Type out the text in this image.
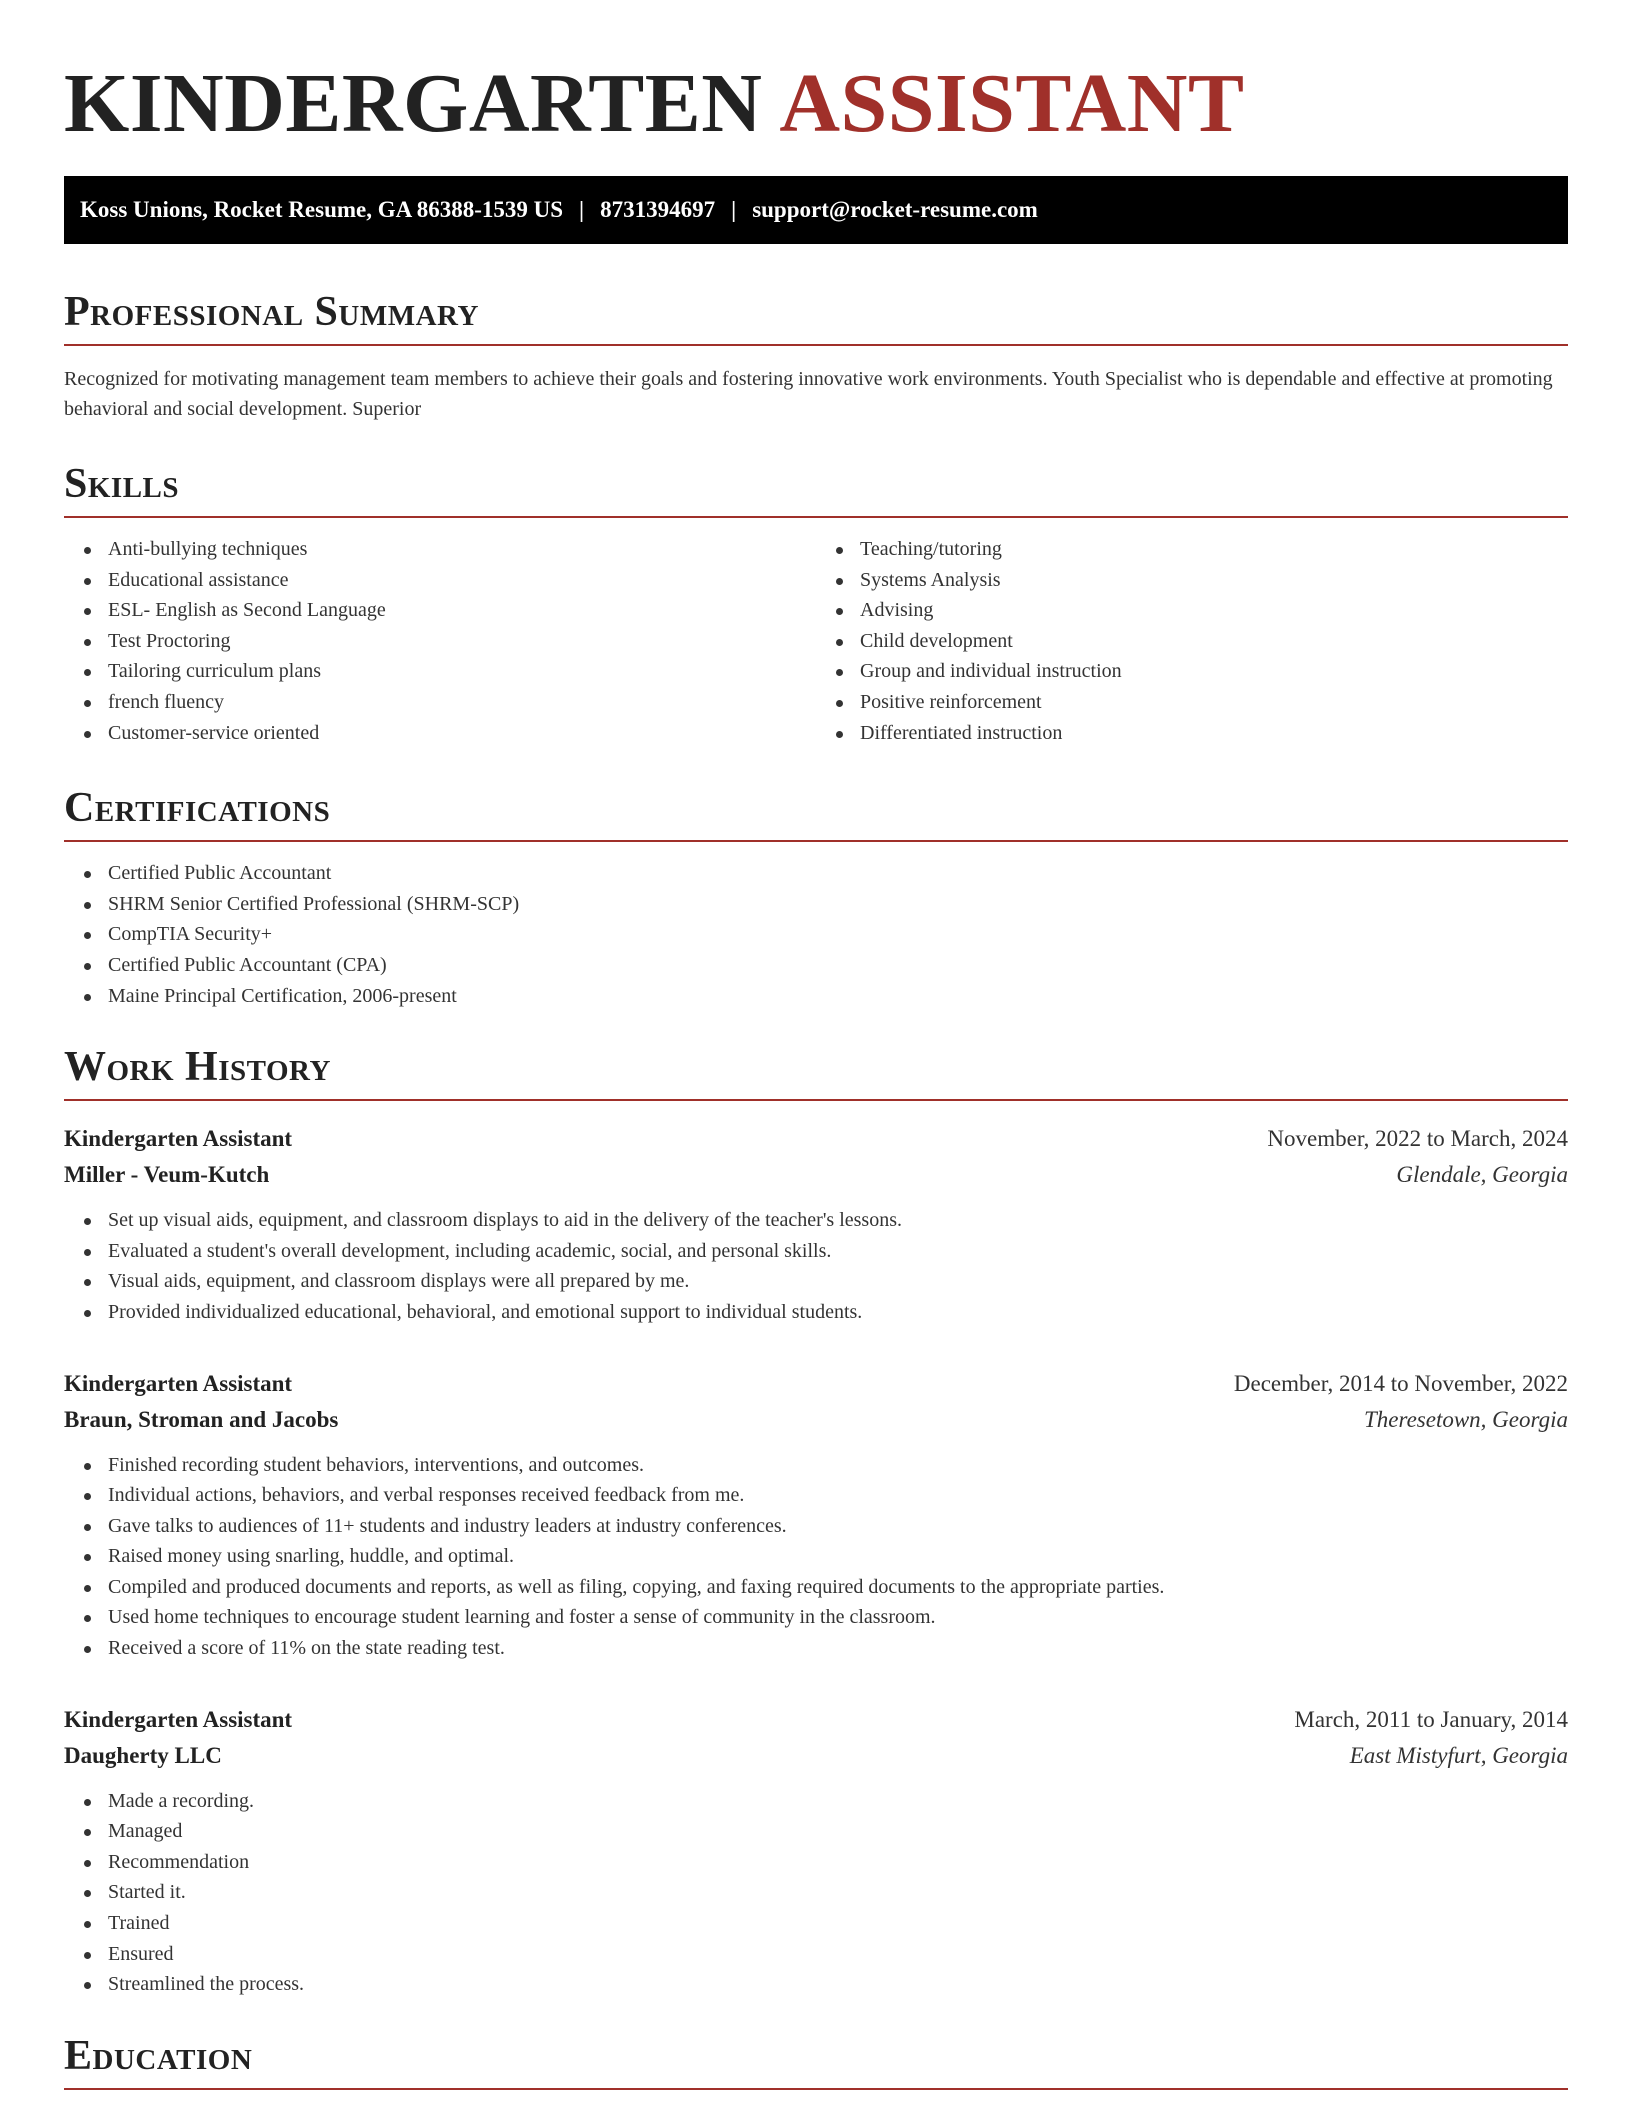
KINDERGARTEN ASSISTANT
Koss Unions, Rocket Resume, GA 86388-1539 US | 8731394697 | support@rocket-resume.com
Professional Summary

Recognized for motivating management team members to achieve their goals and fostering innovative work environments. Youth Specialist who is dependable and effective at promoting behavioral and social development. Superior

Skills
Anti-bullying techniques
Educational assistance
ESL- English as Second Language
Test Proctoring
Tailoring curriculum plans
french fluency
Customer-service oriented
Teaching/tutoring
Systems Analysis
Advising
Child development
Group and individual instruction
Positive reinforcement
Differentiated instruction
Certifications
Certified Public Accountant
SHRM Senior Certified Professional (SHRM-SCP)
CompTIA Security+
Certified Public Accountant (CPA)
Maine Principal Certification, 2006-present
Work History
Kindergarten Assistant	November, 2022 to March, 2024
Miller - Veum-Kutch	Glendale, Georgia
Set up visual aids, equipment, and classroom displays to aid in the delivery of the teacher's lessons.
Evaluated a student's overall development, including academic, social, and personal skills.
Visual aids, equipment, and classroom displays were all prepared by me.
Provided individualized educational, behavioral, and emotional support to individual students.
Kindergarten Assistant	December, 2014 to November, 2022
Braun, Stroman and Jacobs	Theresetown, Georgia
Finished recording student behaviors, interventions, and outcomes.
Individual actions, behaviors, and verbal responses received feedback from me.
Gave talks to audiences of 11+ students and industry leaders at industry conferences.
Raised money using snarling, huddle, and optimal.
Compiled and produced documents and reports, as well as filing, copying, and faxing required documents to the appropriate parties.
Used home techniques to encourage student learning and foster a sense of community in the classroom.
Received a score of 11% on the state reading test.
Kindergarten Assistant	March, 2011 to January, 2014
Daugherty LLC	East Mistyfurt, Georgia
Made a recording.
Managed
Recommendation
Started it.
Trained
Ensured
Streamlined the process.
Education
